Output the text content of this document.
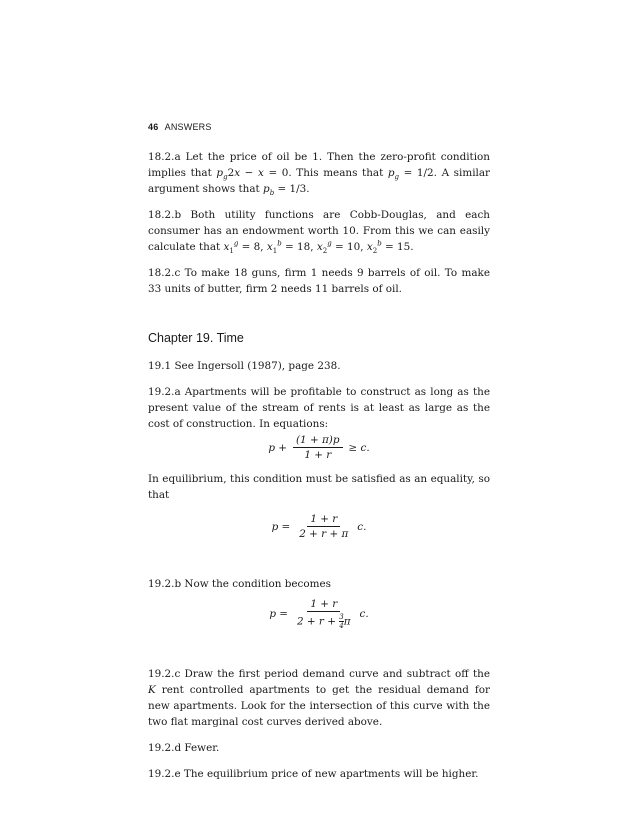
46 ANSWERS

18.2.a Let the price of oil be 1. Then the zero-profit condition implies that $p_g2x - x = 0$. This means that $p_g = 1/2$. A similar argument shows that $p_b = 1/3$.

18.2.b Both utility functions are Cobb-Douglas, and each consumer has an endowment worth 10. From this we can easily calculate that $x_1^g = 8$, $x_1^b = 18$, $x_2^g = 10$, $x_2^b = 15$.

18.2.c To make 18 guns, firm 1 needs 9 barrels of oil. To make 33 units of butter, firm 2 needs 11 barrels of oil.

Chapter 19. Time

19.1 See Ingersoll (1987), page 238.

19.2.a Apartments will be profitable to construct as long as the present value of the stream of rents is at least as large as the cost of construction. In equations:

$p + \frac{(1 + \pi)p}{1 + r} \ge c$.

In equilibrium, this condition must be satisfied as an equality, so that

$p = \frac{1 + r}{2 + r + \pi} c$.

19.2.b Now the condition becomes

$p = \frac{1 + r}{2 + r + \frac{3}{4} \pi} c$.

19.2.c Draw the first period demand curve and subtract off the K rent controlled apartments to get the residual demand for new apartments. Look for the intersection of this curve with the two flat marginal cost curves derived above.

19.2.d Fewer.

19.2.e The equilibrium price of new apartments will be higher.
